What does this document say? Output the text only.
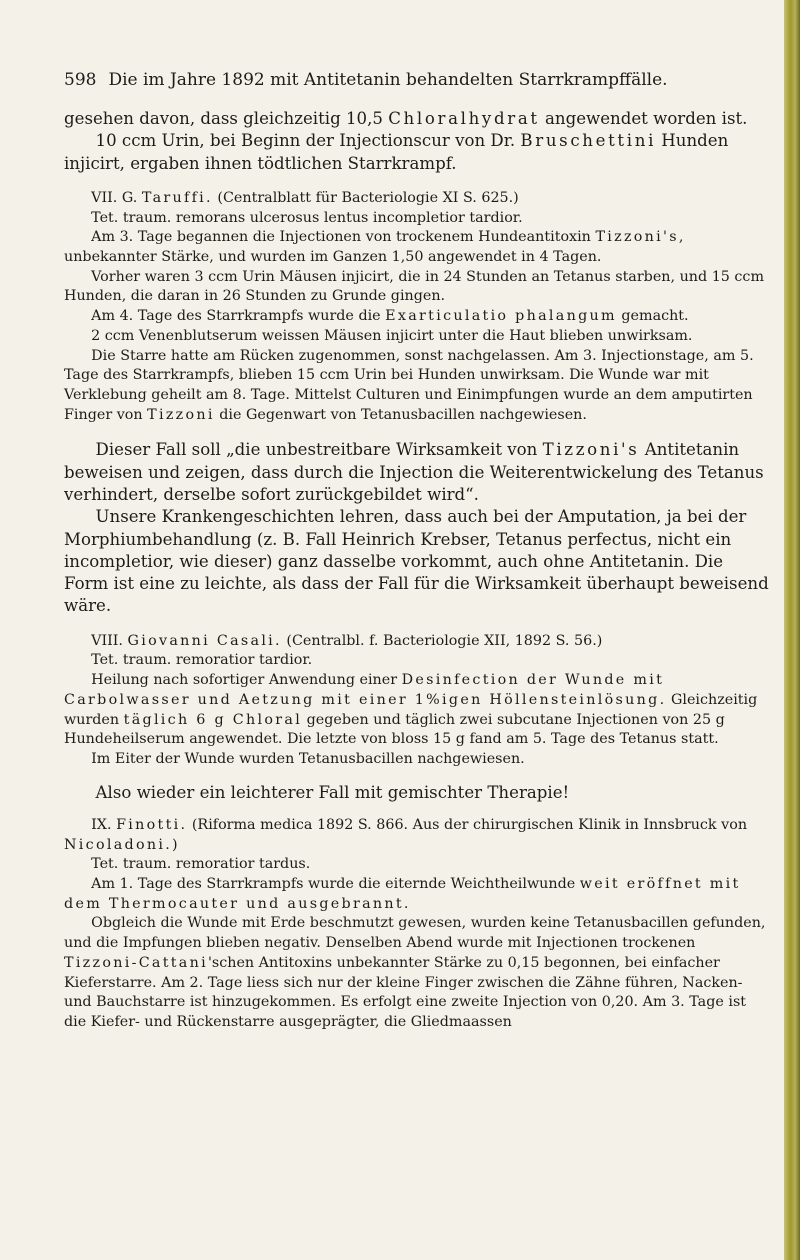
598 Die im Jahre 1892 mit Antitetanin behandelten Starrkrampffälle.

gesehen davon, dass gleichzeitig 10,5 Chloralhydrat angewendet worden ist.

10 ccm Urin, bei Beginn der Injectionscur von Dr. Bruschettini Hunden injicirt, ergaben ihnen tödtlichen Starrkrampf.

VII. G. Taruffi. (Centralblatt für Bacteriologie XI S. 625.)

Tet. traum. remorans ulcerosus lentus incompletior tardior.

Am 3. Tage begannen die Injectionen von trockenem Hundeantitoxin Tizzoni's, unbekannter Stärke, und wurden im Ganzen 1,50 angewendet in 4 Tagen.

Vorher waren 3 ccm Urin Mäusen injicirt, die in 24 Stunden an Tetanus starben, und 15 ccm Hunden, die daran in 26 Stunden zu Grunde gingen.

Am 4. Tage des Starrkrampfs wurde die Exarticulatio phalangum gemacht.

2 ccm Venenblutserum weissen Mäusen injicirt unter die Haut blieben unwirksam.

Die Starre hatte am Rücken zugenommen, sonst nachgelassen. Am 3. Injectionstage, am 5. Tage des Starrkrampfs, blieben 15 ccm Urin bei Hunden unwirksam. Die Wunde war mit Verklebung geheilt am 8. Tage. Mittelst Culturen und Einimpfungen wurde an dem amputirten Finger von Tizzoni die Gegenwart von Tetanusbacillen nachgewiesen.

Dieser Fall soll „die unbestreitbare Wirksamkeit von Tizzoni's Antitetanin beweisen und zeigen, dass durch die Injection die Weiterentwickelung des Tetanus verhindert, derselbe sofort zurückgebildet wird“.

Unsere Krankengeschichten lehren, dass auch bei der Amputation, ja bei der Morphiumbehandlung (z. B. Fall Heinrich Krebser, Tetanus perfectus, nicht ein incompletior, wie dieser) ganz dasselbe vorkommt, auch ohne Antitetanin. Die Form ist eine zu leichte, als dass der Fall für die Wirksamkeit überhaupt beweisend wäre.

VIII. Giovanni Casali. (Centralbl. f. Bacteriologie XII, 1892 S. 56.)

Tet. traum. remoratior tardior.

Heilung nach sofortiger Anwendung einer Desinfection der Wunde mit Carbolwasser und Aetzung mit einer 1%igen Höllensteinlösung. Gleichzeitig wurden täglich 6 g Chloral gegeben und täglich zwei subcutane Injectionen von 25 g Hundeheilserum angewendet. Die letzte von bloss 15 g fand am 5. Tage des Tetanus statt.

Im Eiter der Wunde wurden Tetanusbacillen nachgewiesen.

Also wieder ein leichterer Fall mit gemischter Therapie!

IX. Finotti. (Riforma medica 1892 S. 866. Aus der chirurgischen Klinik in Innsbruck von Nicoladoni.)

Tet. traum. remoratior tardus.

Am 1. Tage des Starrkrampfs wurde die eiternde Weichtheilwunde weit eröffnet mit dem Thermocauter und ausgebrannt.

Obgleich die Wunde mit Erde beschmutzt gewesen, wurden keine Tetanusbacillen gefunden, und die Impfungen blieben negativ. Denselben Abend wurde mit Injectionen trockenen Tizzoni-Cattani'schen Antitoxins unbekannter Stärke zu 0,15 begonnen, bei einfacher Kieferstarre. Am 2. Tage liess sich nur der kleine Finger zwischen die Zähne führen, Nacken- und Bauchstarre ist hinzugekommen. Es erfolgt eine zweite Injection von 0,20. Am 3. Tage ist die Kiefer- und Rückenstarre ausgeprägter, die Gliedmaassen
